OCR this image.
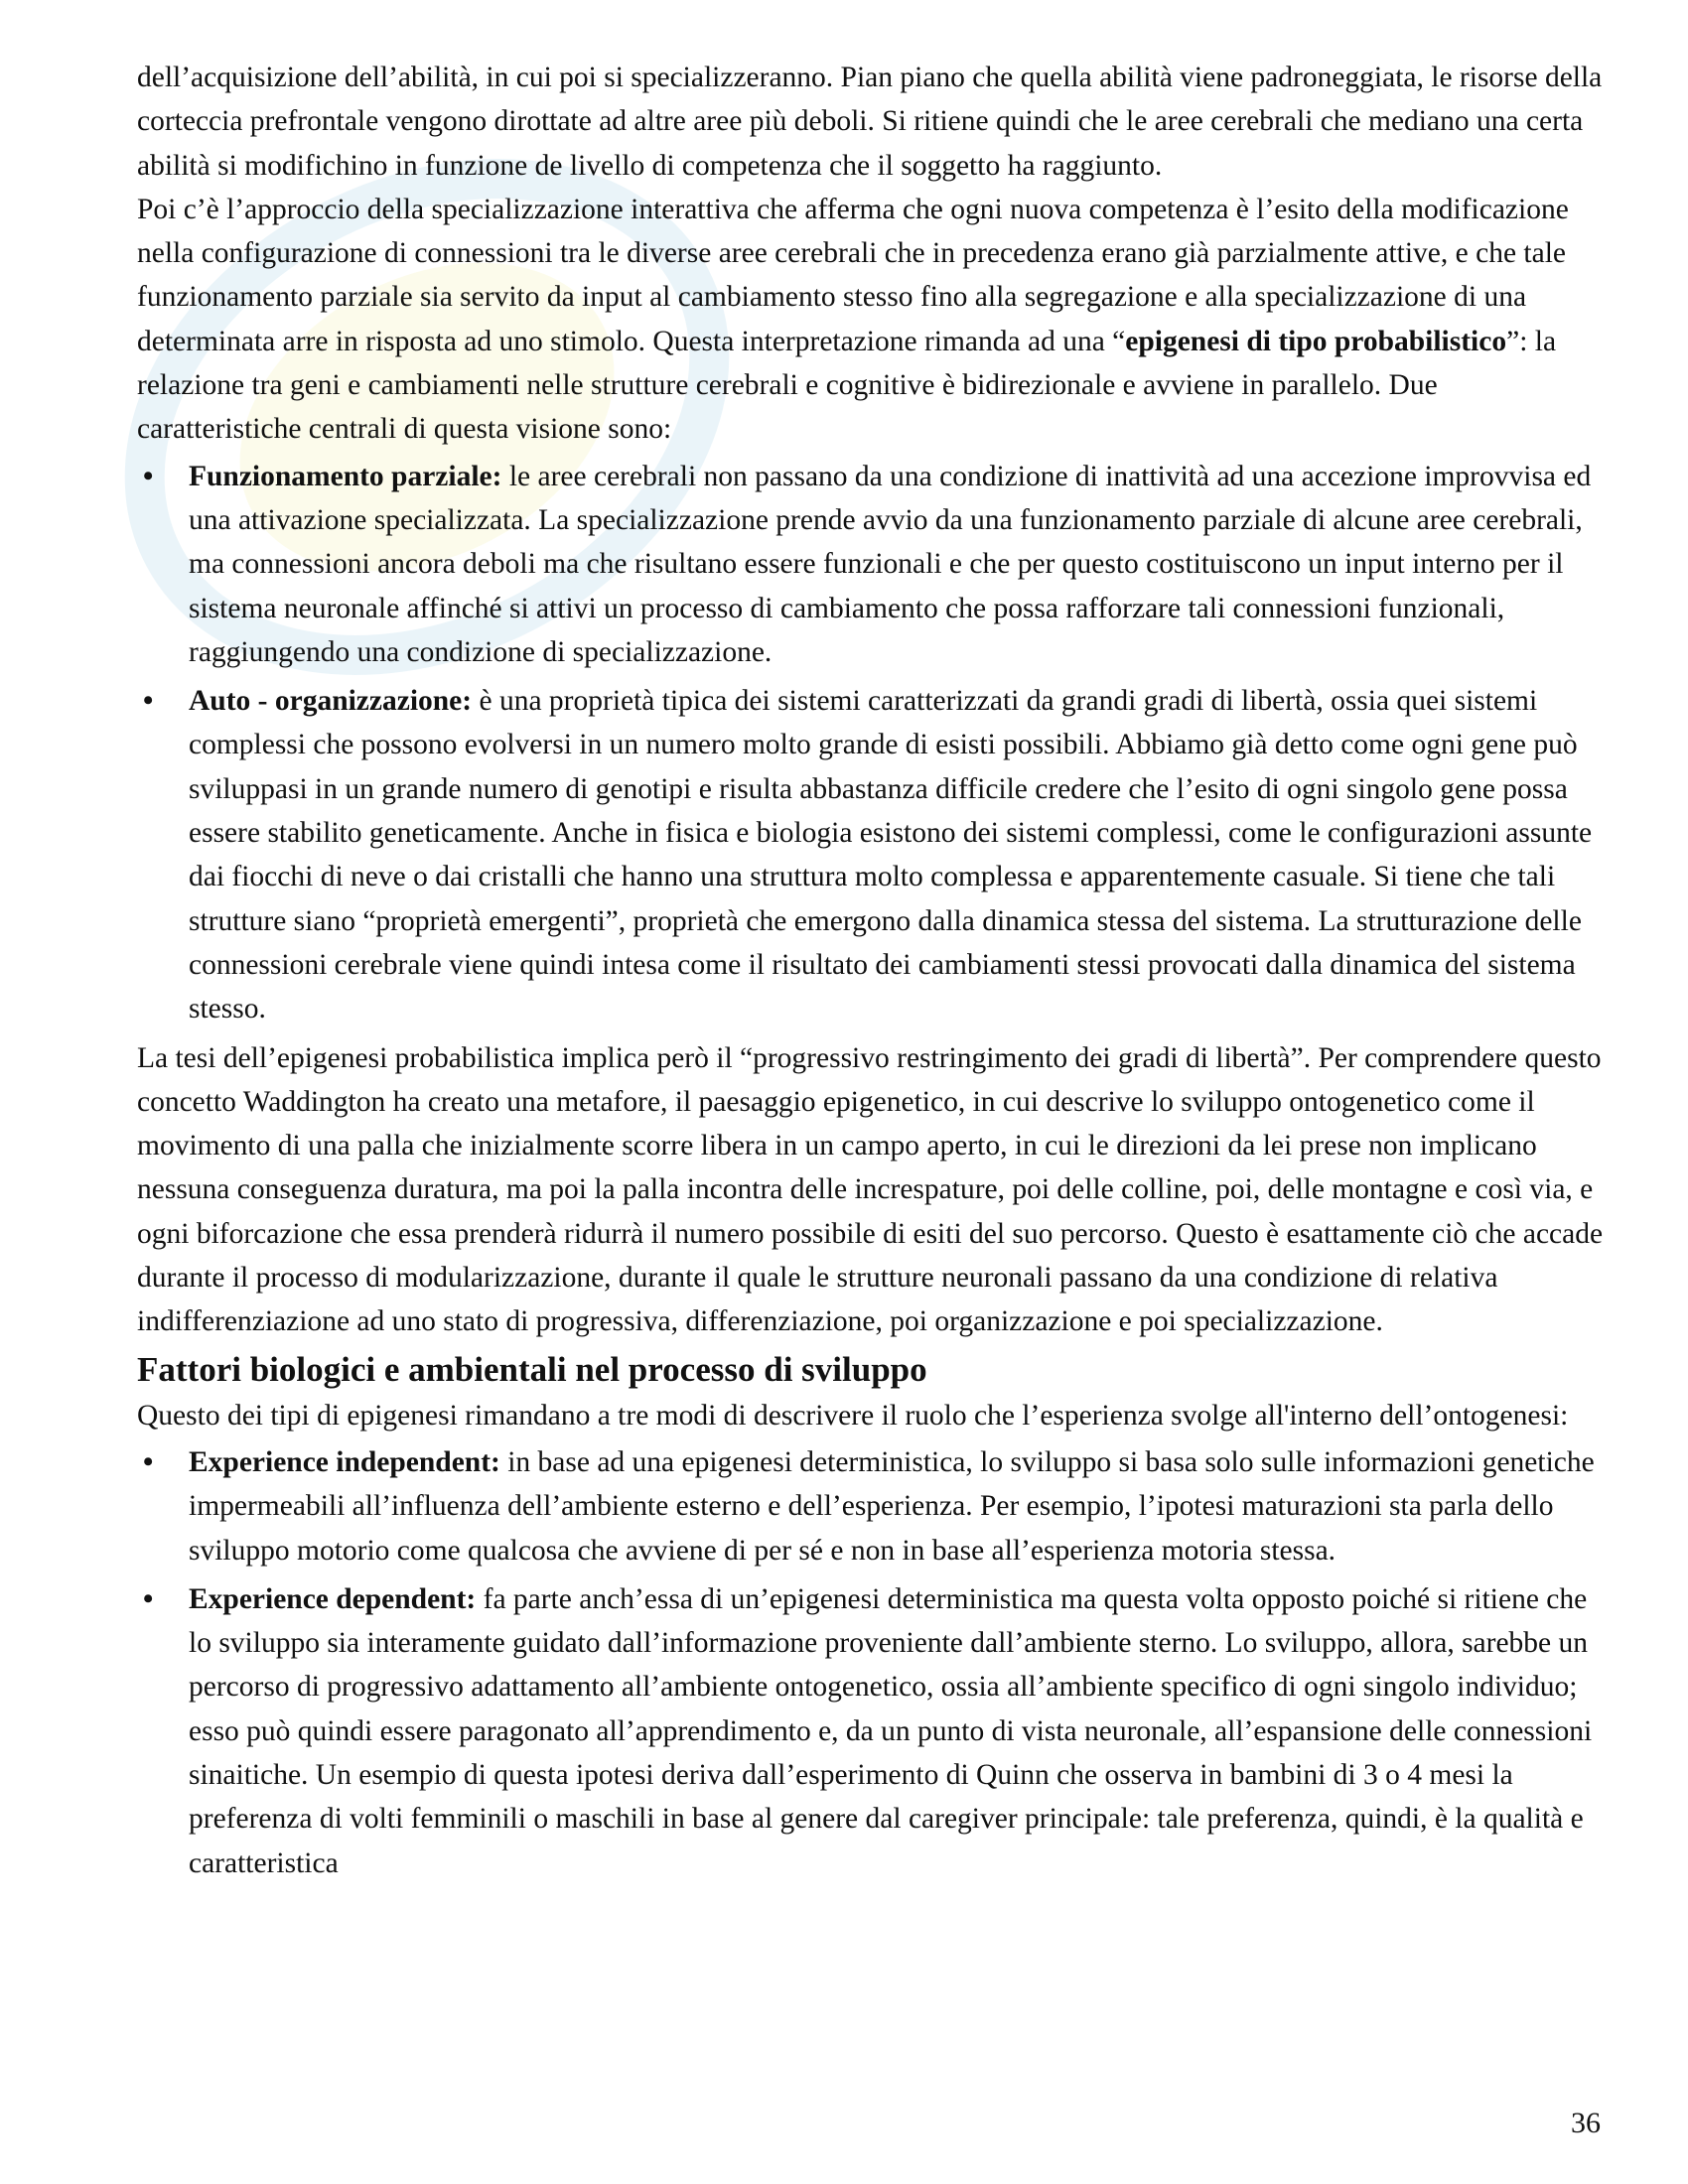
dell’acquisizione dell’abilità, in cui poi si specializzeranno. Pian piano che quella abilità viene padroneggiata, le risorse della corteccia prefrontale vengono dirottate ad altre aree più deboli. Si ritiene quindi che le aree cerebrali che mediano una certa abilità si modifichino in funzione de livello di competenza che il soggetto ha raggiunto.

Poi c’è l’approccio della specializzazione interattiva che afferma che ogni nuova competenza è l’esito della modificazione nella configurazione di connessioni tra le diverse aree cerebrali che in precedenza erano già parzialmente attive, e che tale funzionamento parziale sia servito da input al cambiamento stesso fino alla segregazione e alla specializzazione di una determinata arre in risposta ad uno stimolo. Questa interpretazione rimanda ad una “epigenesi di tipo probabilistico”: la relazione tra geni e cambiamenti nelle strutture cerebrali e cognitive è bidirezionale e avviene in parallelo. Due caratteristiche centrali di questa visione sono:

• Funzionamento parziale: le aree cerebrali non passano da una condizione di inattività ad una accezione improvvisa ed una attivazione specializzata. La specializzazione prende avvio da una funzionamento parziale di alcune aree cerebrali, ma connessioni ancora deboli ma che risultano essere funzionali e che per questo costituiscono un input interno per il sistema neuronale affinché si attivi un processo di cambiamento che possa rafforzare tali connessioni funzionali, raggiungendo una condizione di specializzazione.
• Auto - organizzazione: è una proprietà tipica dei sistemi caratterizzati da grandi gradi di libertà, ossia quei sistemi complessi che possono evolversi in un numero molto grande di esisti possibili. Abbiamo già detto come ogni gene può sviluppasi in un grande numero di genotipi e risulta abbastanza difficile credere che l’esito di ogni singolo gene possa essere stabilito geneticamente. Anche in fisica e biologia esistono dei sistemi complessi, come le configurazioni assunte dai fiocchi di neve o dai cristalli che hanno una struttura molto complessa e apparentemente casuale. Si tiene che tali strutture siano “proprietà emergenti”, proprietà che emergono dalla dinamica stessa del sistema. La strutturazione delle connessioni cerebrale viene quindi intesa come il risultato dei cambiamenti stessi provocati dalla dinamica del sistema stesso.

La tesi dell’epigenesi probabilistica implica però il “progressivo restringimento dei gradi di libertà”. Per comprendere questo concetto Waddington ha creato una metafore, il paesaggio epigenetico, in cui descrive lo sviluppo ontogenetico come il movimento di una palla che inizialmente scorre libera in un campo aperto, in cui le direzioni da lei prese non implicano nessuna conseguenza duratura, ma poi la palla incontra delle increspature, poi delle colline, poi, delle montagne e così via, e ogni biforcazione che essa prenderà ridurrà il numero possibile di esiti del suo percorso. Questo è esattamente ciò che accade durante il processo di modularizzazione, durante il quale le strutture neuronali passano da una condizione di relativa indifferenziazione ad uno stato di progressiva, differenziazione, poi organizzazione e poi specializzazione.

Fattori biologici e ambientali nel processo di sviluppo

Questo dei tipi di epigenesi rimandano a tre modi di descrivere il ruolo che l’esperienza svolge all'interno dell’ontogenesi:

• Experience independent: in base ad una epigenesi deterministica, lo sviluppo si basa solo sulle informazioni genetiche impermeabili all’influenza dell’ambiente esterno e dell’esperienza. Per esempio, l’ipotesi maturazioni sta parla dello sviluppo motorio come qualcosa che avviene di per sé e non in base all’esperienza motoria stessa.
• Experience dependent: fa parte anch’essa di un’epigenesi deterministica ma questa volta opposto poiché si ritiene che lo sviluppo sia interamente guidato dall’informazione proveniente dall’ambiente sterno. Lo sviluppo, allora, sarebbe un percorso di progressivo adattamento all’ambiente ontogenetico, ossia all’ambiente specifico di ogni singolo individuo; esso può quindi essere paragonato all’apprendimento e, da un punto di vista neuronale, all’espansione delle connessioni sinaitiche. Un esempio di questa ipotesi deriva dall’esperimento di Quinn che osserva in bambini di 3 o 4 mesi la preferenza di volti femminili o maschili in base al genere dal caregiver principale: tale preferenza, quindi, è la qualità e caratteristica
36
